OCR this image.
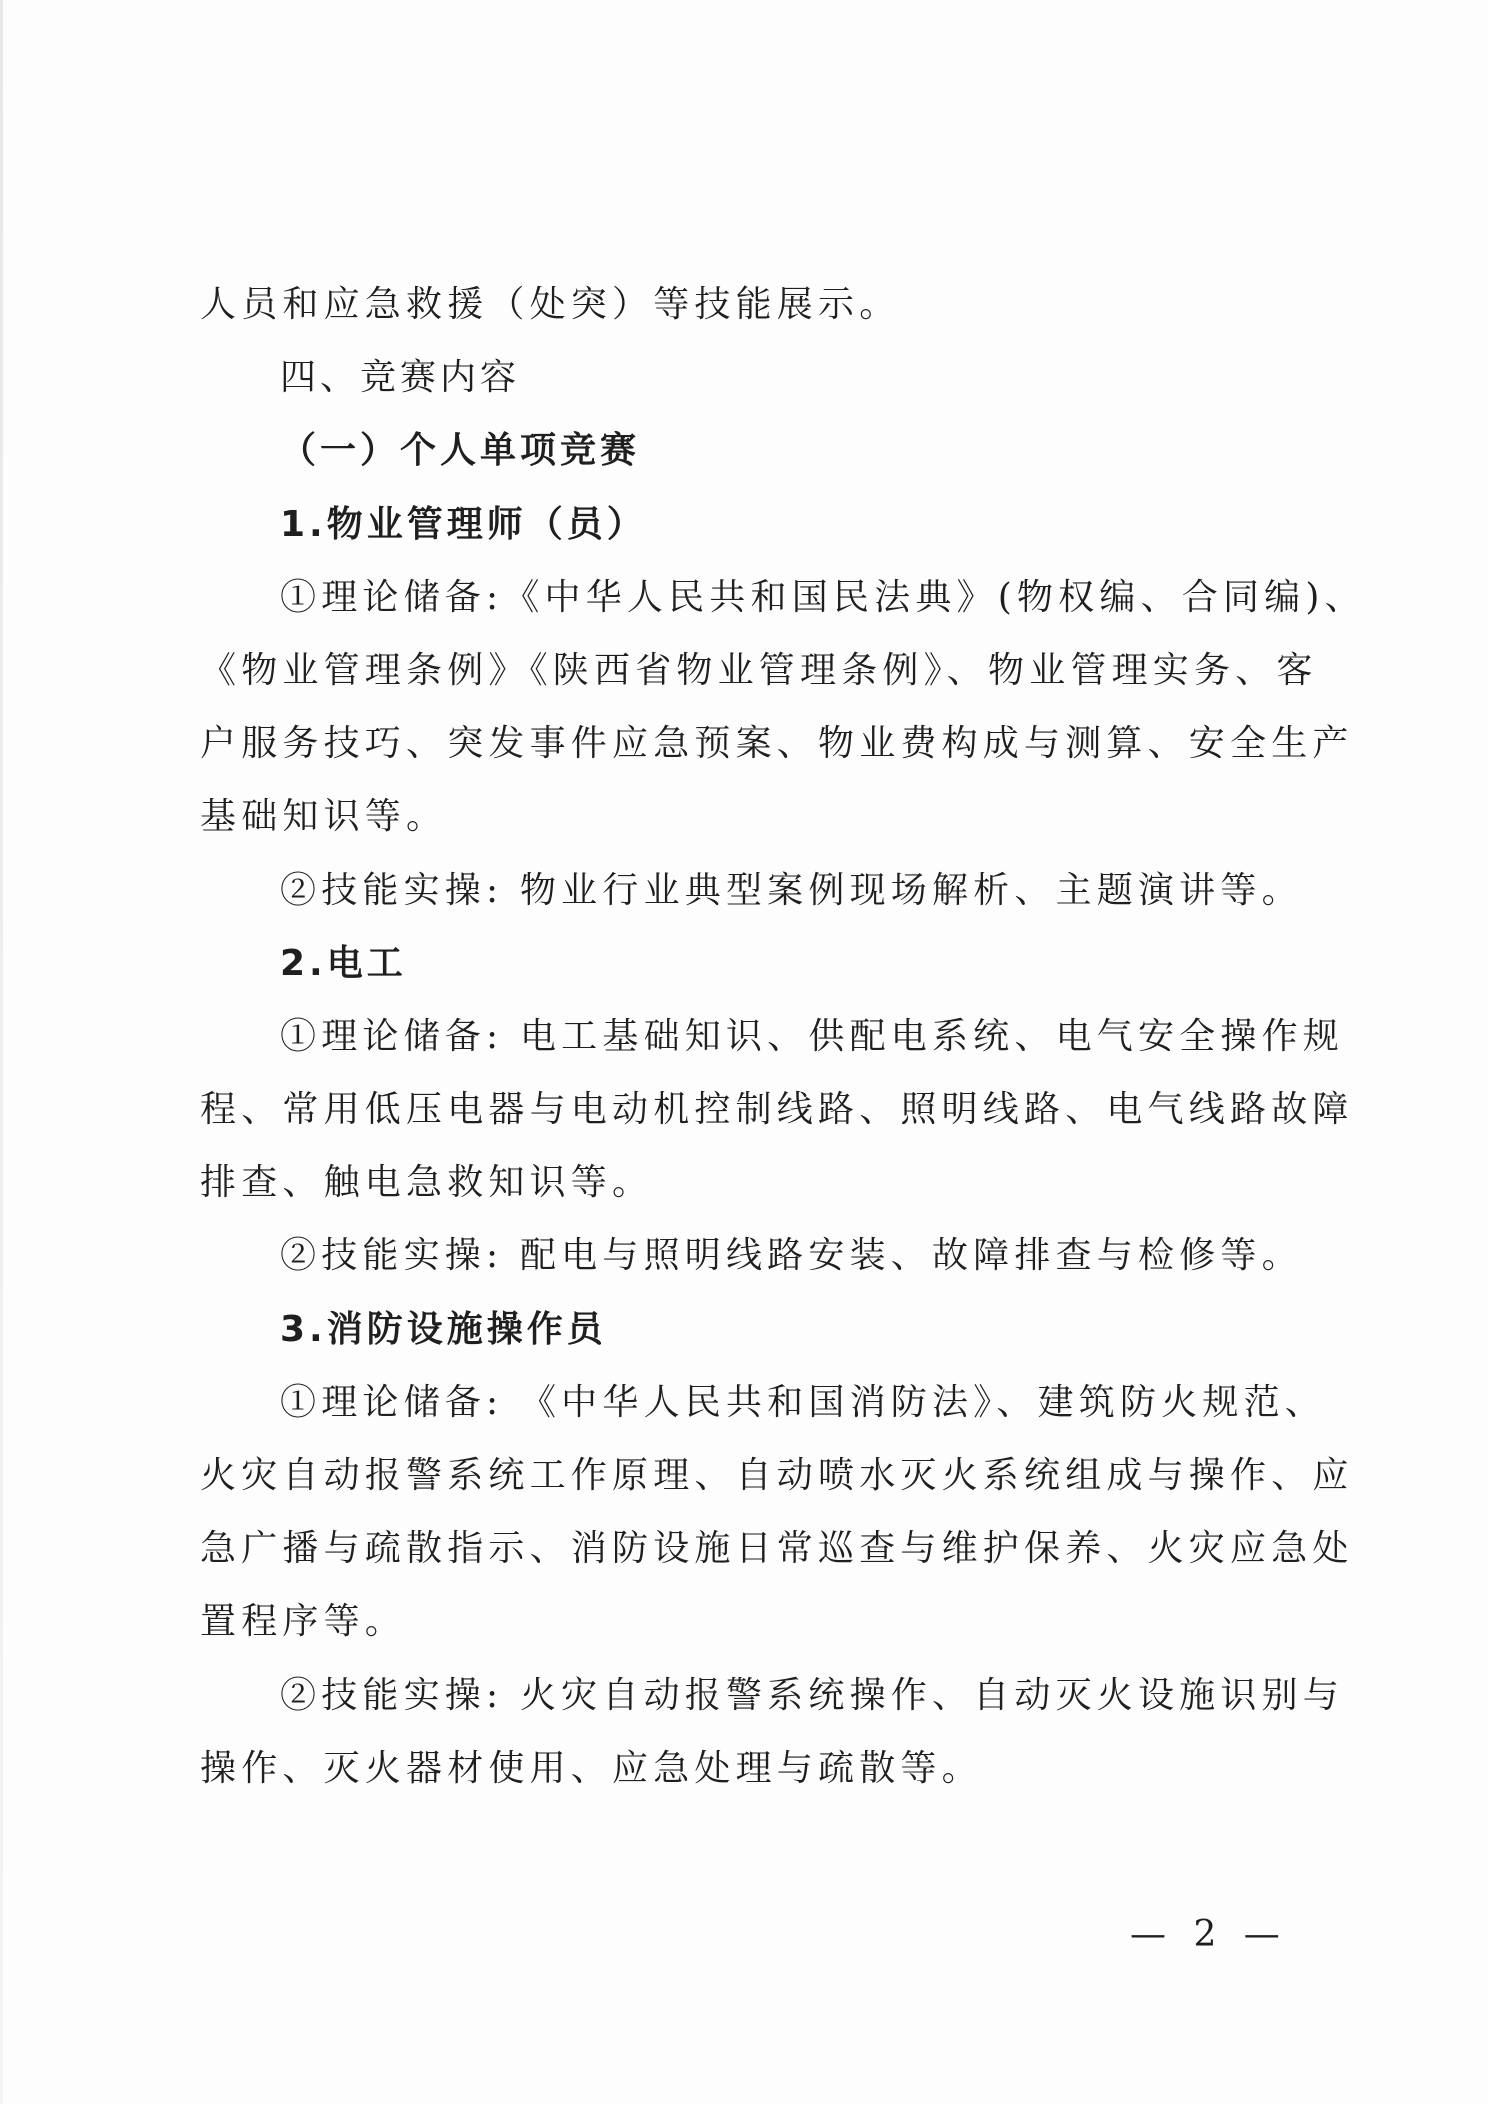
人员和应急救援（处突）等技能展示。
四、竞赛内容
（一）个人单项竞赛
1.物业管理师（员）
①理论储备:《中华人民共和国民法典》(物权编、合同编)、
《物业管理条例》《陕西省物业管理条例》、物业管理实务、客
户服务技巧、突发事件应急预案、物业费构成与测算、安全生产
基础知识等。
②技能实操: 物业行业典型案例现场解析、主题演讲等。
2.电工
①理论储备: 电工基础知识、供配电系统、电气安全操作规
程、常用低压电器与电动机控制线路、照明线路、电气线路故障
排查、触电急救知识等。
②技能实操: 配电与照明线路安装、故障排查与检修等。
3.消防设施操作员
①理论储备: 《中华人民共和国消防法》、建筑防火规范、
火灾自动报警系统工作原理、自动喷水灭火系统组成与操作、应
急广播与疏散指示、消防设施日常巡查与维护保养、火灾应急处
置程序等。
②技能实操: 火灾自动报警系统操作、自动灭火设施识别与
操作、灭火器材使用、应急处理与疏散等。
— 2 —
